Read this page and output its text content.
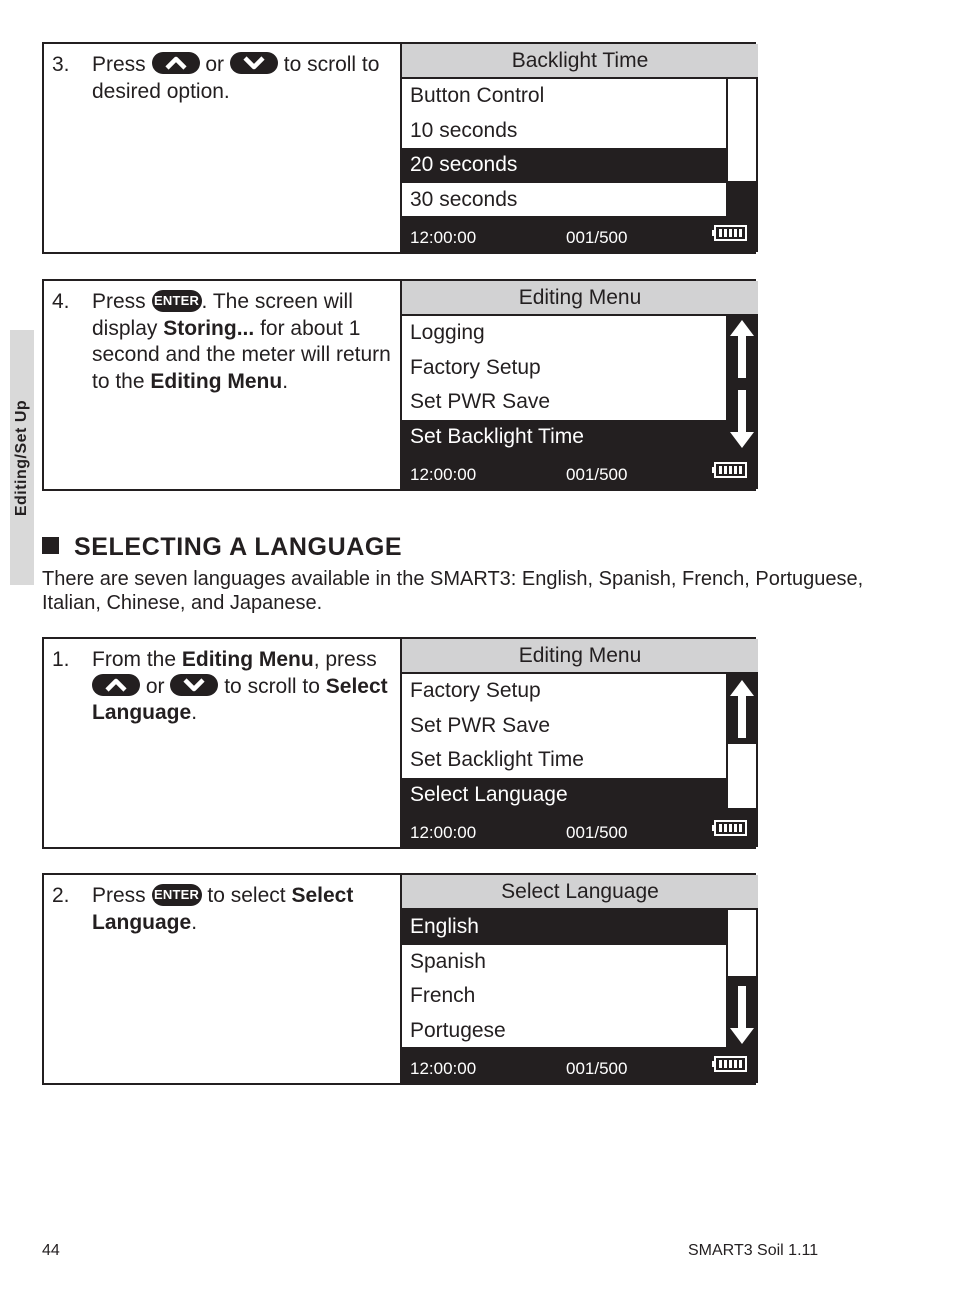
Editing/Set Up
3. Press	or	to scroll to desired option.
Backlight Time
Button Control
10 seconds
20 seconds
30 seconds
12:00:00	001/500
4. Press ENTER . The screen will display Storing... for about 1 second and the meter will return to the Editing Menu.
Editing Menu
Logging
Factory Setup
Set PWR Save
Set Backlight Time
12:00:00	001/500
SELECTING A LANGUAGE
There are seven languages available in the SMART3: English, Spanish, French, Portuguese, Italian, Chinese, and Japanese.
1. From the Editing Menu, press
or	to scroll to Select Language.
Editing Menu
Factory Setup
Set PWR Save
Set Backlight Time
Select Language
12:00:00	001/500
2. Press ENTER to select Select Language.
Select Language
English
Spanish
French
Portugese
12:00:00	001/500
44	SMART3 Soil 1.11
